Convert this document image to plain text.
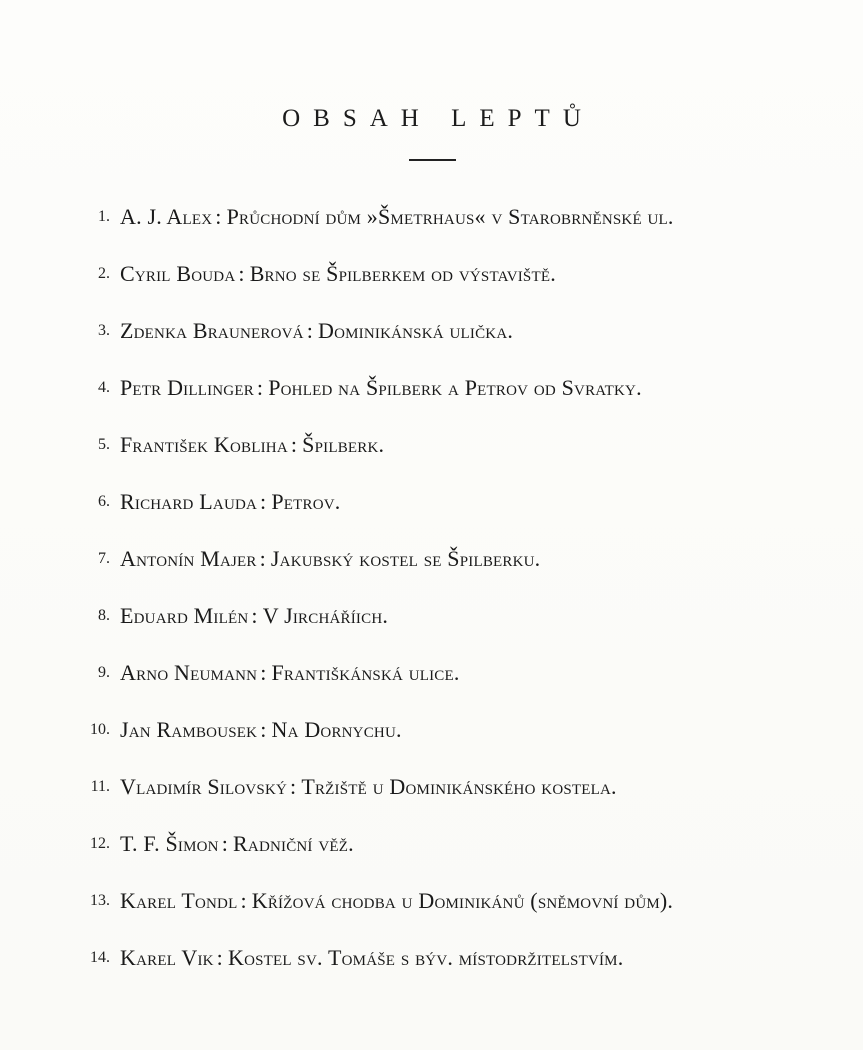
OBSAH LEPTŮ
1. A. J. Alex : Průchodní dům »Šmetrhaus« v Starobrněnské ul.
2. Cyril Bouda : Brno se Špilberkem od výstaviště.
3. Zdenka Braunerová : Dominikánská ulička.
4. Petr Dillinger : Pohled na Špilberk a Petrov od Svratky.
5. František Kobliha : Špilberk.
6. Richard Lauda : Petrov.
7. Antonín Majer : Jakubský kostel se Špilberku.
8. Eduard Milén : V Jircháříich.
9. Arno Neumann : Františkánská ulice.
10. Jan Rambousek : Na Dornychu.
11. Vladimír Silovský : Tržiště u Dominikánského kostela.
12. T. F. Šimon : Radniční věž.
13. Karel Tondl : Křížová chodba u Dominikánů (sněmovní dům).
14. Karel Vik : Kostel sv. Tomáše s býv. místodržitelstvím.
